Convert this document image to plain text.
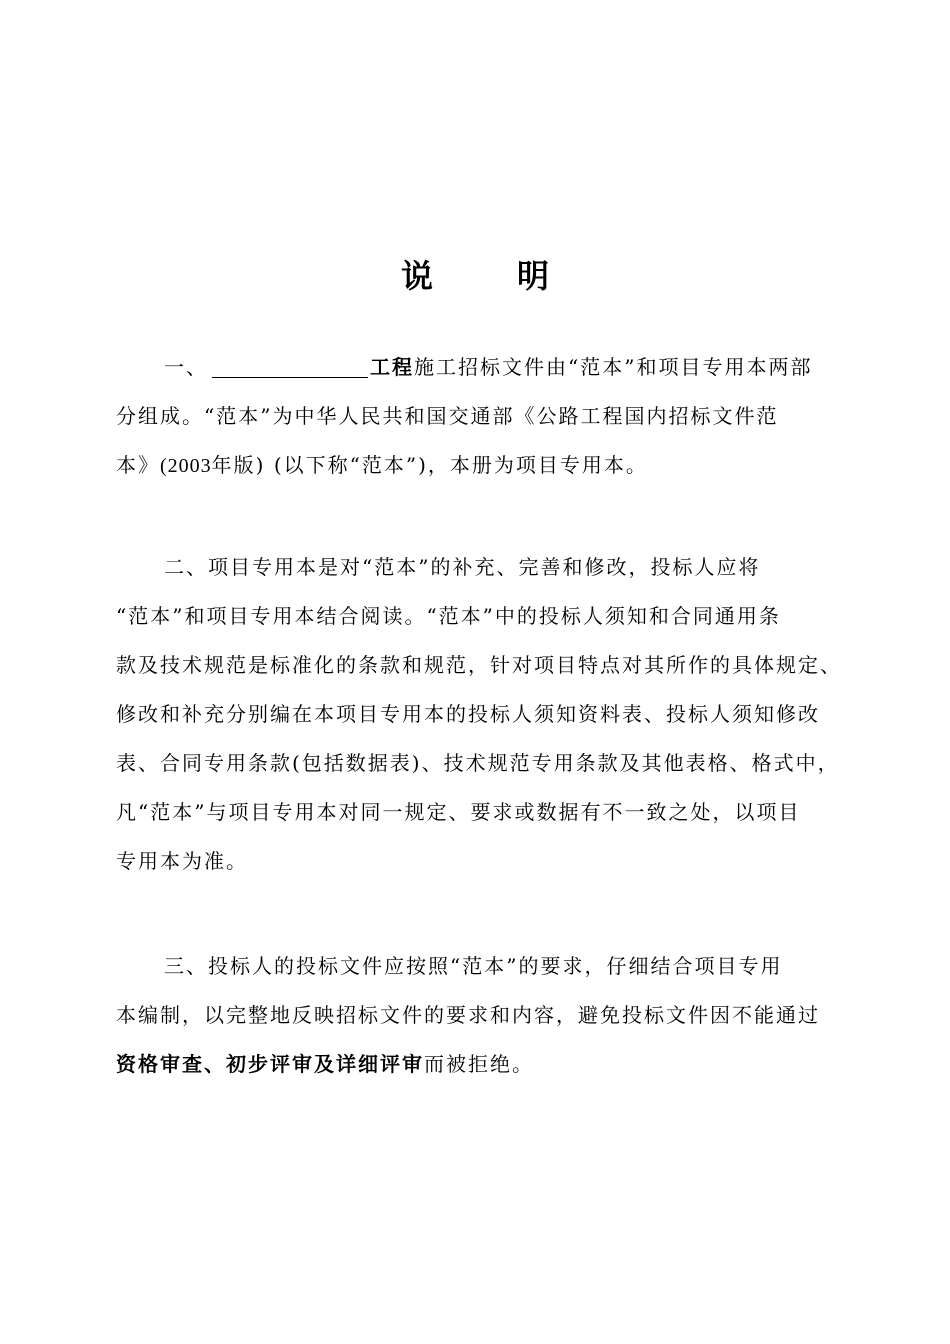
说	明
一、	工程施工招标文件由“范本”和项目专用本两部
分组成。“范本”为中华人民共和国交通部《公路工程国内招标文件范
本》(2003年版) (以下称“范本”)，本册为项目专用本。
二、项目专用本是对“范本”的补充、完善和修改，投标人应将
“范本”和项目专用本结合阅读。“范本”中的投标人须知和合同通用条
款及技术规范是标准化的条款和规范，针对项目特点对其所作的具体规定、
修改和补充分别编在本项目专用本的投标人须知资料表、投标人须知修改
表、合同专用条款(包括数据表)、技术规范专用条款及其他表格、格式中，
凡“范本”与项目专用本对同一规定、要求或数据有不一致之处，以项目
专用本为准。
三、投标人的投标文件应按照“范本”的要求，仔细结合项目专用
本编制，以完整地反映招标文件的要求和内容，避免投标文件因不能通过
资格审查、初步评审及详细评审而被拒绝。
